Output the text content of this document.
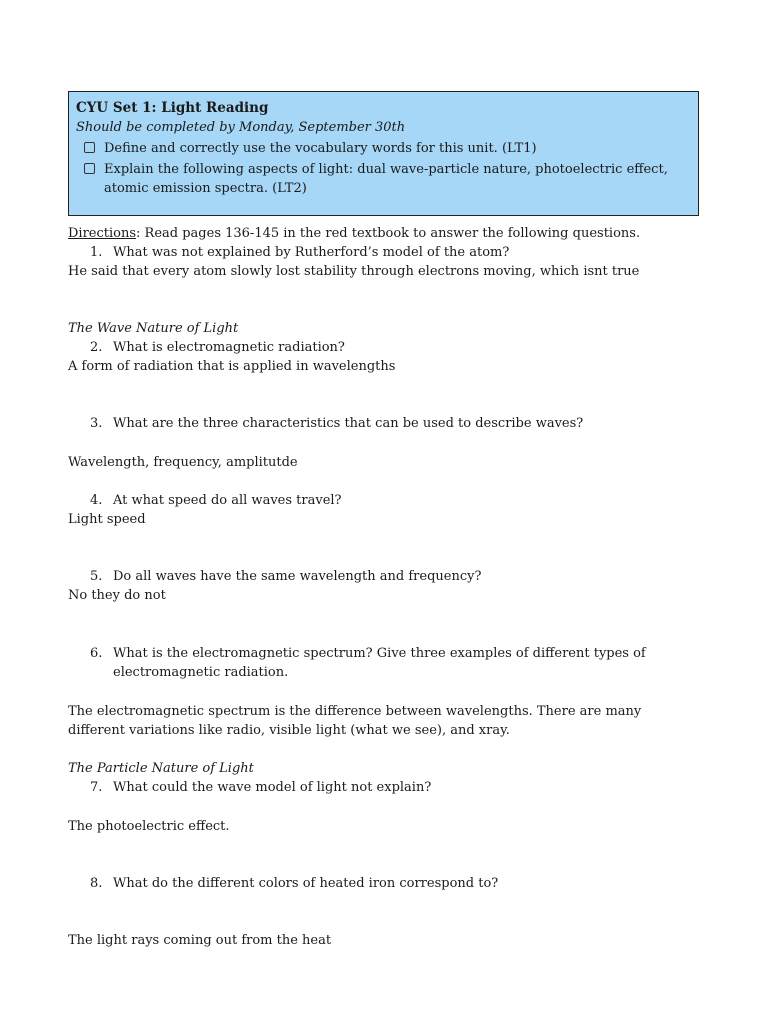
CYU Set 1: Light Reading
Should be completed by Monday, September 30th
Define and correctly use the vocabulary words for this unit. (LT1)
Explain the following aspects of light: dual wave-particle nature, photoelectric effect, atomic emission spectra. (LT2)
Directions: Read pages 136-145 in the red textbook to answer the following questions.
1. What was not explained by Rutherford’s model of the atom?
He said that every atom slowly lost stability through electrons moving, which isnt true
The Wave Nature of Light
2. What is electromagnetic radiation?
A form of radiation that is applied in wavelengths
3. What are the three characteristics that can be used to describe waves?
Wavelength, frequency, amplitutde
4. At what speed do all waves travel?
Light speed
5. Do all waves have the same wavelength and frequency?
No they do not
6. What is the electromagnetic spectrum? Give three examples of different types of electromagnetic radiation.
The electromagnetic spectrum is the difference between wavelengths. There are many different variations like radio, visible light (what we see), and xray.
The Particle Nature of Light
7. What could the wave model of light not explain?
The photoelectric effect.
8. What do the different colors of heated iron correspond to?
The light rays coming out from the heat
